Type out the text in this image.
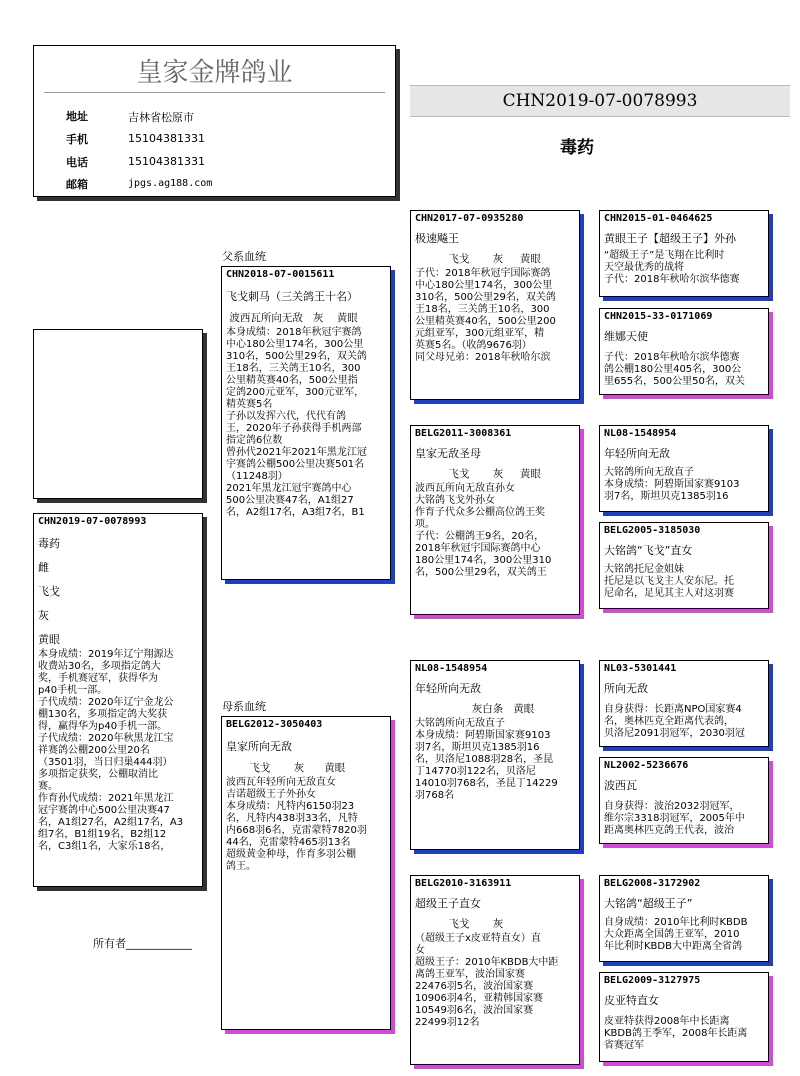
皇家金牌鸽业
地址	吉林省松原市
手机	15104381331
电话	15104381331
邮箱	jpgs.ag188.com
CHN2019-07-0078993
毒药
父系血统
母系血统
所有者____________
CHN2019-07-0078993
毒药
雌
飞戈
灰
黄眼
本身成绩：2019年辽宁翔源达
收费站30名，多项指定鸽大
奖，手机赛冠军，获得华为
p40手机一部。
子代成绩：2020年辽宁金龙公
棚130名，多项指定鸽大奖获
得，赢得华为p40手机一部。
子代成绩：2020年秋黑龙江宝
祥赛鸽公棚200公里20名
（3501羽，当日归巢444羽）
多项指定获奖，公棚取消比
赛。
作育孙代成绩：2021年黑龙江
冠宇赛鸽中心500公里决赛47
名，A1组27名，A2组17名，A3
组7名，B1组19名，B2组12
名，C3组1名，大家乐18名，
CHN2018-07-0015611
飞戈刺马（三关鸽王十名）
波西瓦所向无敌   灰    黄眼
本身成绩：2018年秋冠宇赛鸽
中心180公里174名，300公里
310名，500公里29名，双关鸽
王18名，三关鸽王10名，300
公里精英赛40名，500公里指
定鸽200元亚军，300元亚军，
精英赛5名
子孙以发挥六代，代代有鸽
王，2020年子孙获得手机两部
指定鸽6位数
曾孙代2021年2021年黑龙江冠
宇赛鸽公棚500公里决赛501名
（11248羽）
2021年黑龙江冠宇赛鸽中心
500公里决赛47名，A1组27
名，A2组17名，A3组7名，B1
BELG2012-3050403
皇家所向无敌
飞戈       灰      黄眼
波西瓦年轻所向无敌直女
吉诺超级王子外孙女
本身成绩：凡特内6150羽23
名，凡特内438羽33名，凡特
内668羽6名，克雷蒙特7820羽
44名，克雷蒙特465羽13名
超级黄金种母，作育多羽公棚
鸽王。
CHN2017-07-0935280
极速飚王
飞戈       灰     黄眼
子代：2018年秋冠宇国际赛鸽
中心180公里174名，300公里
310名，500公里29名，双关鸽
王18名，三关鸽王10名，300
公里精英赛40名，500公里200
元组亚军，300元组亚军，精
英赛5名。（收鸽9676羽）
同父母兄弟：2018年秋哈尔滨
BELG2011-3008361
皇家无敌圣母
飞戈       灰     黄眼
波西瓦所向无敌直孙女
大铭鸽飞戈外孙女
作育子代众多公棚高位鸽王奖
项。
子代：公棚鸽王9名，20名，
2018年秋冠宇国际赛鸽中心
180公里174名，300公里310
名，500公里29名，双关鸽王
NL08-1548954
年轻所向无敌
灰白条   黄眼
大铭鸽所向无敌直子
本身成绩：阿碧斯国家赛9103
羽7名，斯坦贝克1385羽16
名，贝洛尼1088羽28名，圣昆
丁14770羽122名，贝洛尼
14010羽768名，圣昆丁14229
羽768名
BELG2010-3163911
超级王子直女
飞戈       灰
（超级王子x皮亚特直女）直
女
超级王子：2010年KBDB大中距
离鸽王亚军，波治国家赛
22476羽5名，波治国家赛
10906羽4名，亚精韩国家赛
10549羽6名，波治国家赛
22499羽12名
CHN2015-01-0464625
黄眼王子【超级王子】外孙
“超级王子”是飞翔在比利时
天空最优秀的战将
子代：2018年秋哈尔滨华德赛
CHN2015-33-0171069
维娜天使
子代：2018年秋哈尔滨华德赛
鸽公棚180公里405名，300公
里655名，500公里50名，双关
NL08-1548954
年轻所向无敌
大铭鸽所向无敌直子
本身成绩：阿碧斯国家赛9103
羽7名，斯坦贝克1385羽16
BELG2005-3185030
大铭鸽“飞戈”直女
大铭鸽托尼金姐妹
托尼是以飞戈主人安东尼。托
尼命名，足见其主人对这羽赛
NL03-5301441
所向无敌
自身获得：长距离NPO国家赛4
名，奥林匹克全距离代表鸽，
贝洛尼2091羽冠军，2030羽冠
NL2002-5236676
波西瓦
自身获得：波治2032羽冠军，
维尔宗3318羽冠军，2005年中
距离奥林匹克鸽王代表，波治
BELG2008-3172902
大铭鸽“超级王子”
自身成绩：2010年比利时KBDB
大众距离全国鸽王亚军，2010
年比利时KBDB大中距离全省鸽
BELG2009-3127975
皮亚特直女
皮亚特获得2008年中长距离
KBDB鸽王季军，2008年长距离
省赛冠军
